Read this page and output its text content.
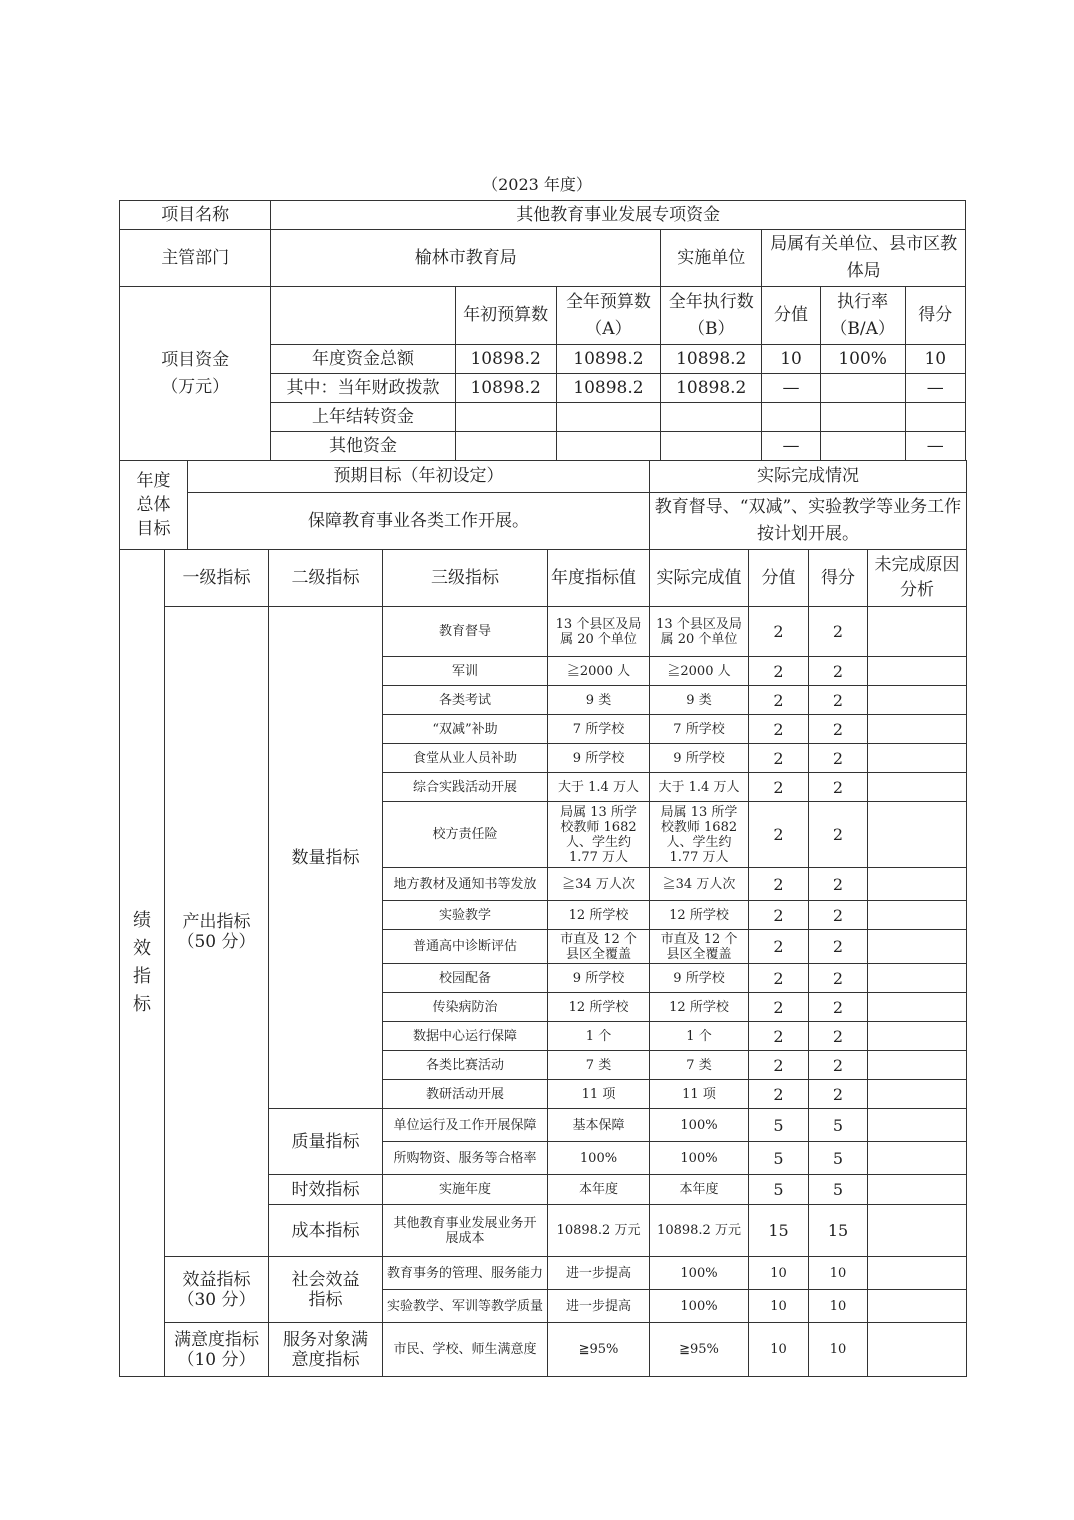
（2023 年度）
项目名称	其他教育事业发展专项资金						
主管部门	榆林市教育局			实施单位	局属有关单位、县市区教体局		

项目资金（万元）		年初预算数	全年预算数（A）	全年执行数（B）	分值	执行率（B/A）	得分
	年度资金总额	10898.2	10898.2	10898.2	10	100%	10
	其中：当年财政拨款	10898.2	10898.2	10898.2	—		—
	上年结转资金						
	其他资金				—		—
年度总体目标	预期目标（年初设定）	实际完成情况
	保障教育事业各类工作开展。	教育督导、“双减”、实验教学等业务工作按计划开展。
绩效指标	一级指标	二级指标	三级指标	年度指标值	实际完成值	分值	得分	未完成原因分析

	产出指标（50 分）	数量指标	教育督导	13 个县区及局属 20 个单位	13 个县区及局属 20 个单位	2	2	
			军训	≧2000 人	≧2000 人	2	2	
			各类考试	9 类	9 类	2	2	
			“双减”补助	7 所学校	7 所学校	2	2	
			食堂从业人员补助	9 所学校	9 所学校	2	2	
			综合实践活动开展	大于 1.4 万人	大于 1.4 万人	2	2	
			校方责任险	局属 13 所学校教师 1682 人、学生约 1.77 万人	局属 13 所学校教师 1682 人、学生约 1.77 万人	2	2	
			地方教材及通知书等发放	≧34 万人次	≧34 万人次	2	2	
			实验教学	12 所学校	12 所学校	2	2	
			普通高中诊断评估	市直及 12 个县区全覆盖	市直及 12 个县区全覆盖	2	2	
			校园配备	9 所学校	9 所学校	2	2	
			传染病防治	12 所学校	12 所学校	2	2	
			数据中心运行保障	1 个	1 个	2	2	
			各类比赛活动	7 类	7 类	2	2	
			教研活动开展	11 项	11 项	2	2	
		质量指标	单位运行及工作开展保障	基本保障	100%	5	5	
			所购物资、服务等合格率	100%	100%	5	5	
		时效指标	实施年度	本年度	本年度	5	5	
		成本指标	其他教育事业发展业务开展成本	10898.2 万元	10898.2 万元	15	15	

	效益指标（30 分）	社会效益指标	教育事务的管理、服务能力	进一步提高	100%	10	10	
			实验教学、军训等教学质量	进一步提高	100%	10	10	

	满意度指标（10 分）	服务对象满意度指标	市民、学校、师生满意度	≧95%	≧95%	10	10	
